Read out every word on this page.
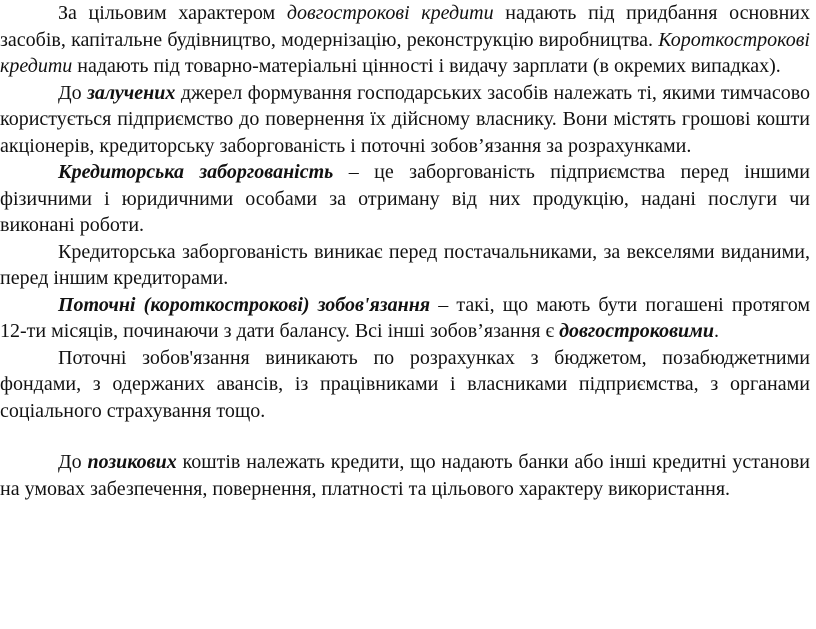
За цільовим характером довгострокові кредити надають під придбання основних засобів, капітальне будівництво, модернізацію, реконструкцію виробництва. Короткострокові кредити надають під товарно-матеріальні цінності і видачу зарплати (в окремих випадках).

До залучених джерел формування господарських засобів належать ті, якими тимчасово користується підприємство до повернення їх дійсному власнику. Вони містять грошові кошти акціонерів, кредиторську заборгованість і поточні зобов’язання за розрахунками.

Кредиторська заборгованість – це заборгованість підприємства перед іншими фізичними і юридичними особами за отриману від них продукцію, надані послуги чи виконані роботи.

Кредиторська заборгованість виникає перед постачальниками, за векселями виданими, перед іншим кредиторами.

Поточні (короткострокові) зобов'язання – такі, що мають бути погашені протягом 12-ти місяців, починаючи з дати балансу. Всі інші зобов’язання є довгостроковими.

Поточні зобов'язання виникають по розрахунках з бюджетом, позабюджетними фондами, з одержаних авансів, із працівниками і власниками підприємства, з органами соціального страхування тощо.

До позикових коштів належать кредити, що надають банки або інші кредитні установи на умовах забезпечення, повернення, платності та цільового характеру використання.
